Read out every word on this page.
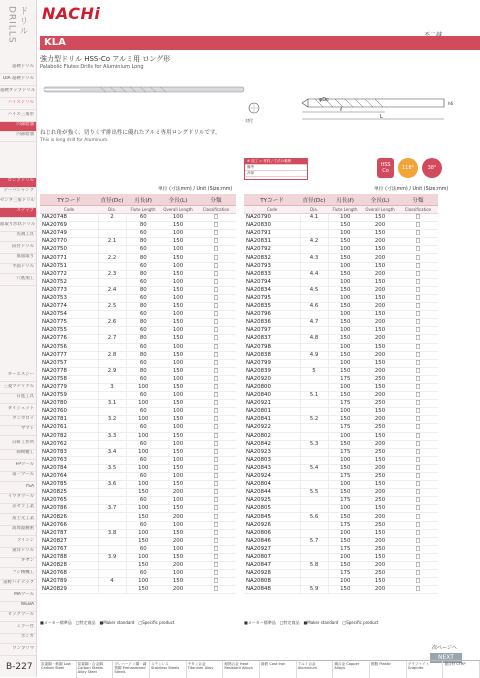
ドリル DRILLS
超硬ドリル
DIA 超硬ドリル
超硬タップドリル
ハイスドリル
ハイス三角形
内部給油
内部給油
ロングドリル
テーパシャンク
センタ三角ドリル
ステップ
面取り形状ドリル
先端工具
段付ドリル
皿面取り
平面ドリル
穴底加工
オーエスジー
三菱マテリアル
日進工具
ダイジェット
タンガロイ
ヤマト
日研工作所
岡崎精工
FPツール
第一ツール
YSA
イワタツール
京セラ工業
富士元工業
高周波精密
アイシン
東洋ドリル
ギヤン
フジ精機工
前野ハイテック
MAツール
WEBA
ビックツール
ミラー社
ボンガ
ワンブリマ
B-227
NACHi
KLA
強力型ドリル HSS-Co アルミ用 ロング形
Palabolic Flutes Drills for Aluminium Long
ℓ
L
h6
対付
φDc
ねじれ角が強く、切りくず排出性に優れたアルミ専用ロングドリルです。
This is long drill for Aluminum.
※ 加工 = 材料 / 寸法の範囲
備考
冷却
HSS Co	118°	38°
単位 (寸法mm) / Unit (Size:mm)	単位 (寸法mm) / Unit (Size:mm)
TYコード	直径(Dc)	刃長(ℓ)	全長(L)	分類
Code	Dia.	Flute Length	Overall Length	Classification
NA20748	2	60	100	□
NA20769		80	150	□
NA20749		60	100	□
NA20770	2.1	80	150	□
NA20750		60	100	□
NA20771	2.2	80	150	□
NA20751		60	100	□
NA20772	2.3	80	150	□
NA20752		60	100	□
NA20773	2.4	80	150	□
NA20753		60	100	□
NA20774	2.5	80	150	□
NA20754		60	100	□
NA20775	2.6	80	150	□
NA20755		60	100	□
NA20776	2.7	80	150	□
NA20756		60	100	□
NA20777	2.8	80	150	□
NA20757		60	100	□
NA20778	2.9	80	150	□
NA20758		60	100	□
NA20779	3	100	150	□
NA20759		60	100	□
NA20780	3.1	100	150	□
NA20760		60	100	□
NA20781	3.2	100	150	□
NA20761		60	100	□
NA20782	3.3	100	150	□
NA20762		60	100	□
NA20783	3.4	100	150	□
NA20763		60	100	□
NA20784	3.5	100	150	□
NA20764		60	100	□
NA20785	3.6	100	150	□
NA20825		150	200	□
NA20765		60	100	□
NA20786	3.7	100	150	□
NA20826		150	200	□
NA20766		60	100	□
NA20787	3.8	100	150	□
NA20827		150	200	□
NA20767		60	100	□
NA20788	3.9	100	150	□
NA20828		150	200	□
NA20768		60	100	□
NA20789	4	100	150	□
NA20829		150	200	□
TYコード	直径(Dc)	刃長(ℓ)	全長(L)	分類
Code	Dia.	Flute Length	Overall Length	Classification
NA20790	4.1	100	150	□
NA20830		150	200	□
NA20791		100	150	□
NA20831	4.2	150	200	□
NA20792		100	150	□
NA20832	4.3	150	200	□
NA20793		100	150	□
NA20833	4.4	150	200	□
NA20794		100	150	□
NA20834	4.5	150	200	□
NA20795		100	150	□
NA20835	4.6	150	200	□
NA20796		100	150	□
NA20836	4.7	150	200	□
NA20797		100	150	□
NA20837	4.8	150	200	□
NA20798		100	150	□
NA20838	4.9	150	200	□
NA20799		100	150	□
NA20839	5	150	200	□
NA20920		175	250	□
NA20800		100	150	□
NA20840	5.1	150	200	□
NA20921		175	250	□
NA20801		100	150	□
NA20841	5.2	150	200	□
NA20922		175	250	□
NA20802		100	150	□
NA20842	5.3	150	200	□
NA20923		175	250	□
NA20803		100	150	□
NA20843	5.4	150	200	□
NA20924		175	250	□
NA20804		100	150	□
NA20844	5.5	150	200	□
NA20925		175	250	□
NA20805		100	150	□
NA20845	5.6	150	200	□
NA20926		175	250	□
NA20806		100	150	□
NA20846	5.7	150	200	□
NA20927		175	250	□
NA20807		100	150	□
NA20847	5.8	150	200	□
NA20928		175	250	□
NA20808		100	150	□
NA20848	5.9	150	200	□
■メーカー標準品　□特定商品　■Maker standard　□Specific product	■メーカー標準品　□特定商品　■Maker standard　□Specific product
次ページへ
NEXT
炭素鋼・軟鋼 Low Carbon Steel
炭素鋼・合金鋼 Carbon Steels Alloy Steel
プレハードン鋼・調質鋼 Prehardened Steels
ステンレス Stainless Steels
チタン合金 Titanium Alloy
耐熱合金 Heat Resistant Alloys
鋳鉄 Cast Iron	アルミ合金 Aluminium
銅合金 Copper Alloys
樹脂 Plastic	グラファイト Graphite
複合材 CFRP
